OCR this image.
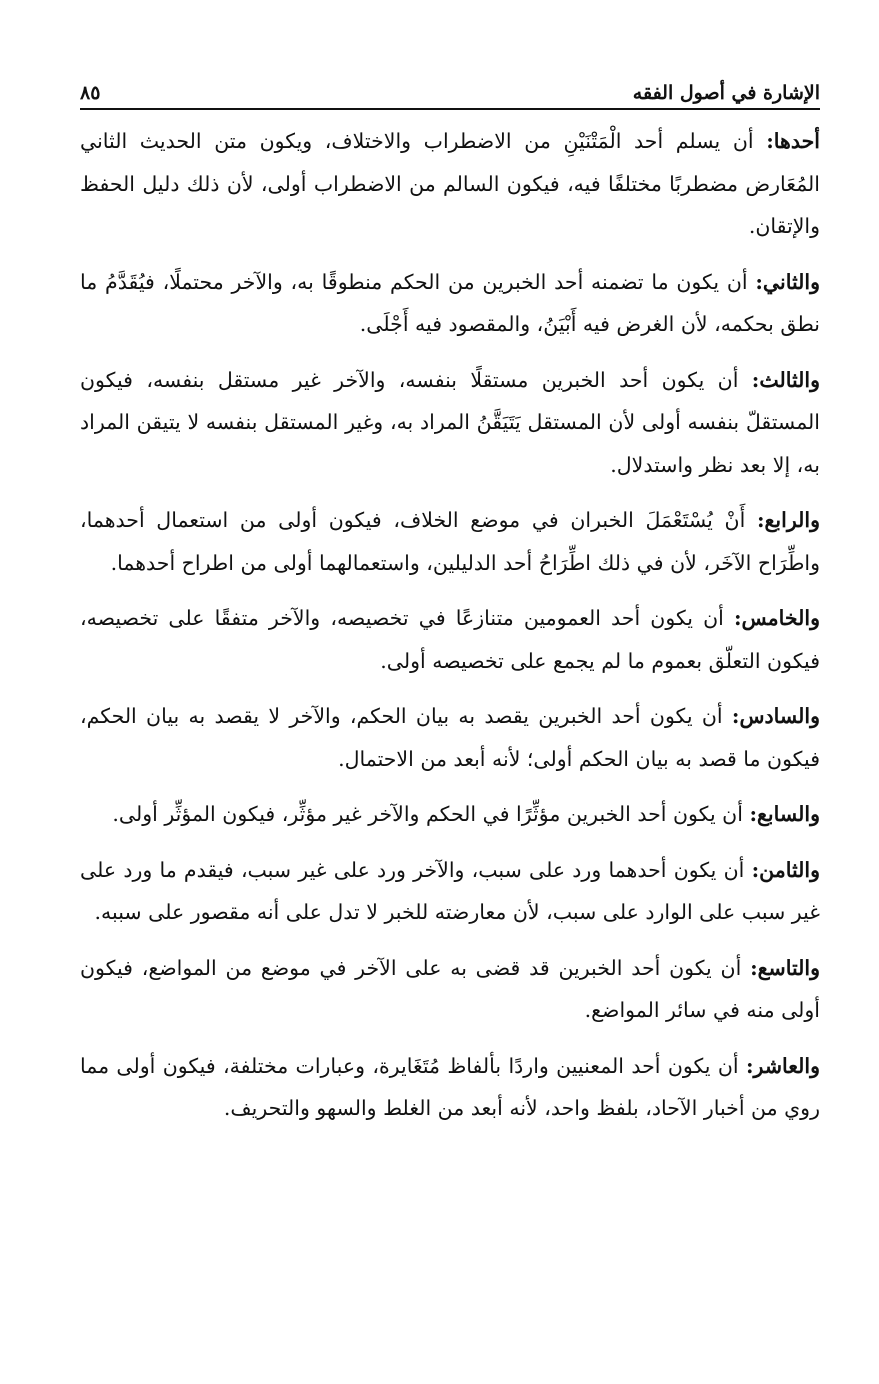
الإشارة في أصول الفقه
٨٥

أحدها: أن يسلم أحد الْمَتْنَيْنِ من الاضطراب والاختلاف، ويكون متن الحديث الثاني المُعَارض مضطربًا مختلفًا فيه، فيكون السالم من الاضطراب أولى، لأن ذلك دليل الحفظ والإتقان.

والثاني: أن يكون ما تضمنه أحد الخبرين من الحكم منطوقًا به، والآخر محتملًا، فيُقَدَّمُ ما نطق بحكمه، لأن الغرض فيه أَبْيَنُ، والمقصود فيه أَجْلَى.

والثالث: أن يكون أحد الخبرين مستقلًا بنفسه، والآخر غير مستقل بنفسه، فيكون المستقلّ بنفسه أولى لأن المستقل يَتَيَقَّنُ المراد به، وغير المستقل بنفسه لا يتيقن المراد به، إلا بعد نظر واستدلال.

والرابع: أَنْ يُسْتَعْمَلَ الخبران في موضع الخلاف، فيكون أولى من استعمال أحدهما، واطِّرَاح الآخَر، لأن في ذلك اطِّرَاحُ أحد الدليلين، واستعمالهما أولى من اطراح أحدهما.

والخامس: أن يكون أحد العمومين متنازعًا في تخصيصه، والآخر متفقًا على تخصيصه، فيكون التعلّق بعموم ما لم يجمع على تخصيصه أولى.

والسادس: أن يكون أحد الخبرين يقصد به بيان الحكم، والآخر لا يقصد به بيان الحكم، فيكون ما قصد به بيان الحكم أولى؛ لأنه أبعد من الاحتمال.

والسابع: أن يكون أحد الخبرين مؤثِّرًا في الحكم والآخر غير مؤثِّر، فيكون المؤثِّر أولى.

والثامن: أن يكون أحدهما ورد على سبب، والآخر ورد على غير سبب، فيقدم ما ورد على غير سبب على الوارد على سبب، لأن معارضته للخبر لا تدل على أنه مقصور على سببه.

والتاسع: أن يكون أحد الخبرين قد قضى به على الآخر في موضع من المواضع، فيكون أولى منه في سائر المواضع.

والعاشر: أن يكون أحد المعنيين واردًا بألفاظ مُتَغَايرة، وعبارات مختلفة، فيكون أولى مما روي من أخبار الآحاد، بلفظ واحد، لأنه أبعد من الغلط والسهو والتحريف.
